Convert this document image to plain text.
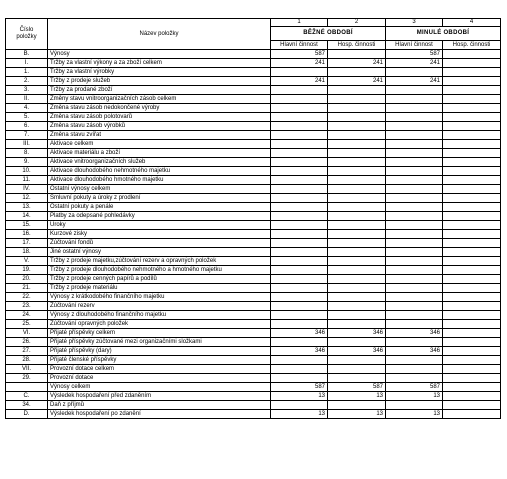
Číslo položky	Název položky	1	2	3	4
		BĚŽNÉ OBDOBÍ		MINULÉ OBDOBÍ	
		Hlavní činnost	Hosp. činnosti	Hlavní činnost	Hosp. činnosti
B.	Výnosy	587		587	
I.	Tržby za vlastní výkony a za zboží celkem	241	241	241	
1.	Tržby za vlastní výrobky				
2.	Tržby z prodeje služeb	241	241	241	
3.	Tržby za prodané zboží				
II.	Změny stavu vnitroorganizačních zásob celkem				
4.	Změna stavu zásob nedokončené výroby				
5.	Změna stavu zásob polotovarů				
6.	Změna stavu zásob výrobků				
7.	Změna stavu zvířat				
III.	Aktivace celkem				
8.	Aktivace materiálu a zboží				
9.	Aktivace vnitroorganizačních služeb				
10.	Aktivace dlouhodobého nehmotného majetku				
11.	Aktivace dlouhodobého hmotného majetku				
IV.	Ostatní výnosy celkem				
12.	Smluvní pokuty a úroky z prodlení				
13.	Ostatní pokuty a penále				
14.	Platby za odepsané pohledávky				
15.	Úroky				
16.	Kurzové zisky				
17.	Zúčtování fondů				
18.	Jiné ostatní výnosy				
V.	Tržby z prodeje majetku,zúčtování rezerv a opravných položek				
19.	Tržby z prodeje dlouhodobého nehmotného a hmotného majetku				
20.	Tržby z prodeje cenných papírů a podílů				
21.	Tržby z prodeje materiálu				
22.	Výnosy z krátkodobého finančního majetku				
23.	Zúčtování rezerv				
24.	Výnosy z dlouhodobého finančního majetku				
25.	Zúčtování opravných položek				
VI.	Přijaté příspěvky celkem	346	346	346	
26.	Přijaté příspěvky zúčtované mezi organizačními složkami				
27.	Přijaté příspěvky (dary)	346	346	346	
28.	Přijaté členské příspěvky				
VII.	Provozní dotace celkem				
29.	Provozní dotace				
	Výnosy celkem	587	587	587	
C.	Výsledek hospodaření před zdaněním	13	13	13	
34.	Daň z příjmů				
D.	Výsledek hospodaření po zdanění	13	13	13	
